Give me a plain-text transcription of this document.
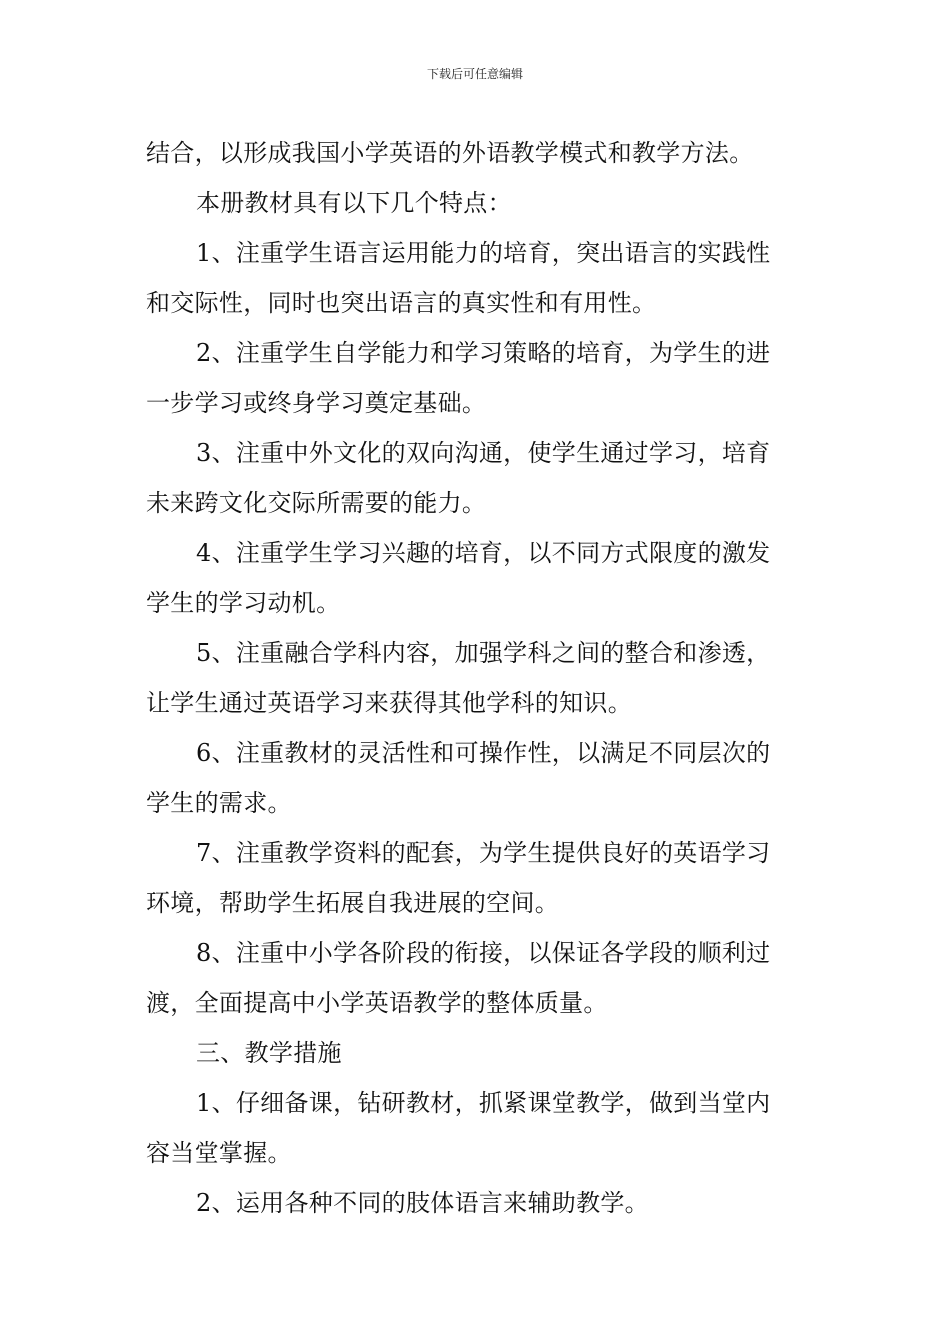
下载后可任意编辑
结合，以形成我国小学英语的外语教学模式和教学方法。
本册教材具有以下几个特点：
1、注重学生语言运用能力的培育，突出语言的实践性
和交际性，同时也突出语言的真实性和有用性。
2、注重学生自学能力和学习策略的培育，为学生的进
一步学习或终身学习奠定基础。
3、注重中外文化的双向沟通，使学生通过学习，培育
未来跨文化交际所需要的能力。
4、注重学生学习兴趣的培育，以不同方式限度的激发
学生的学习动机。
5、注重融合学科内容，加强学科之间的整合和渗透，
让学生通过英语学习来获得其他学科的知识。
6、注重教材的灵活性和可操作性，以满足不同层次的
学生的需求。
7、注重教学资料的配套，为学生提供良好的英语学习
环境，帮助学生拓展自我进展的空间。
8、注重中小学各阶段的衔接，以保证各学段的顺利过
渡，全面提高中小学英语教学的整体质量。
三、教学措施
1、仔细备课，钻研教材，抓紧课堂教学，做到当堂内
容当堂掌握。
2、运用各种不同的肢体语言来辅助教学。
